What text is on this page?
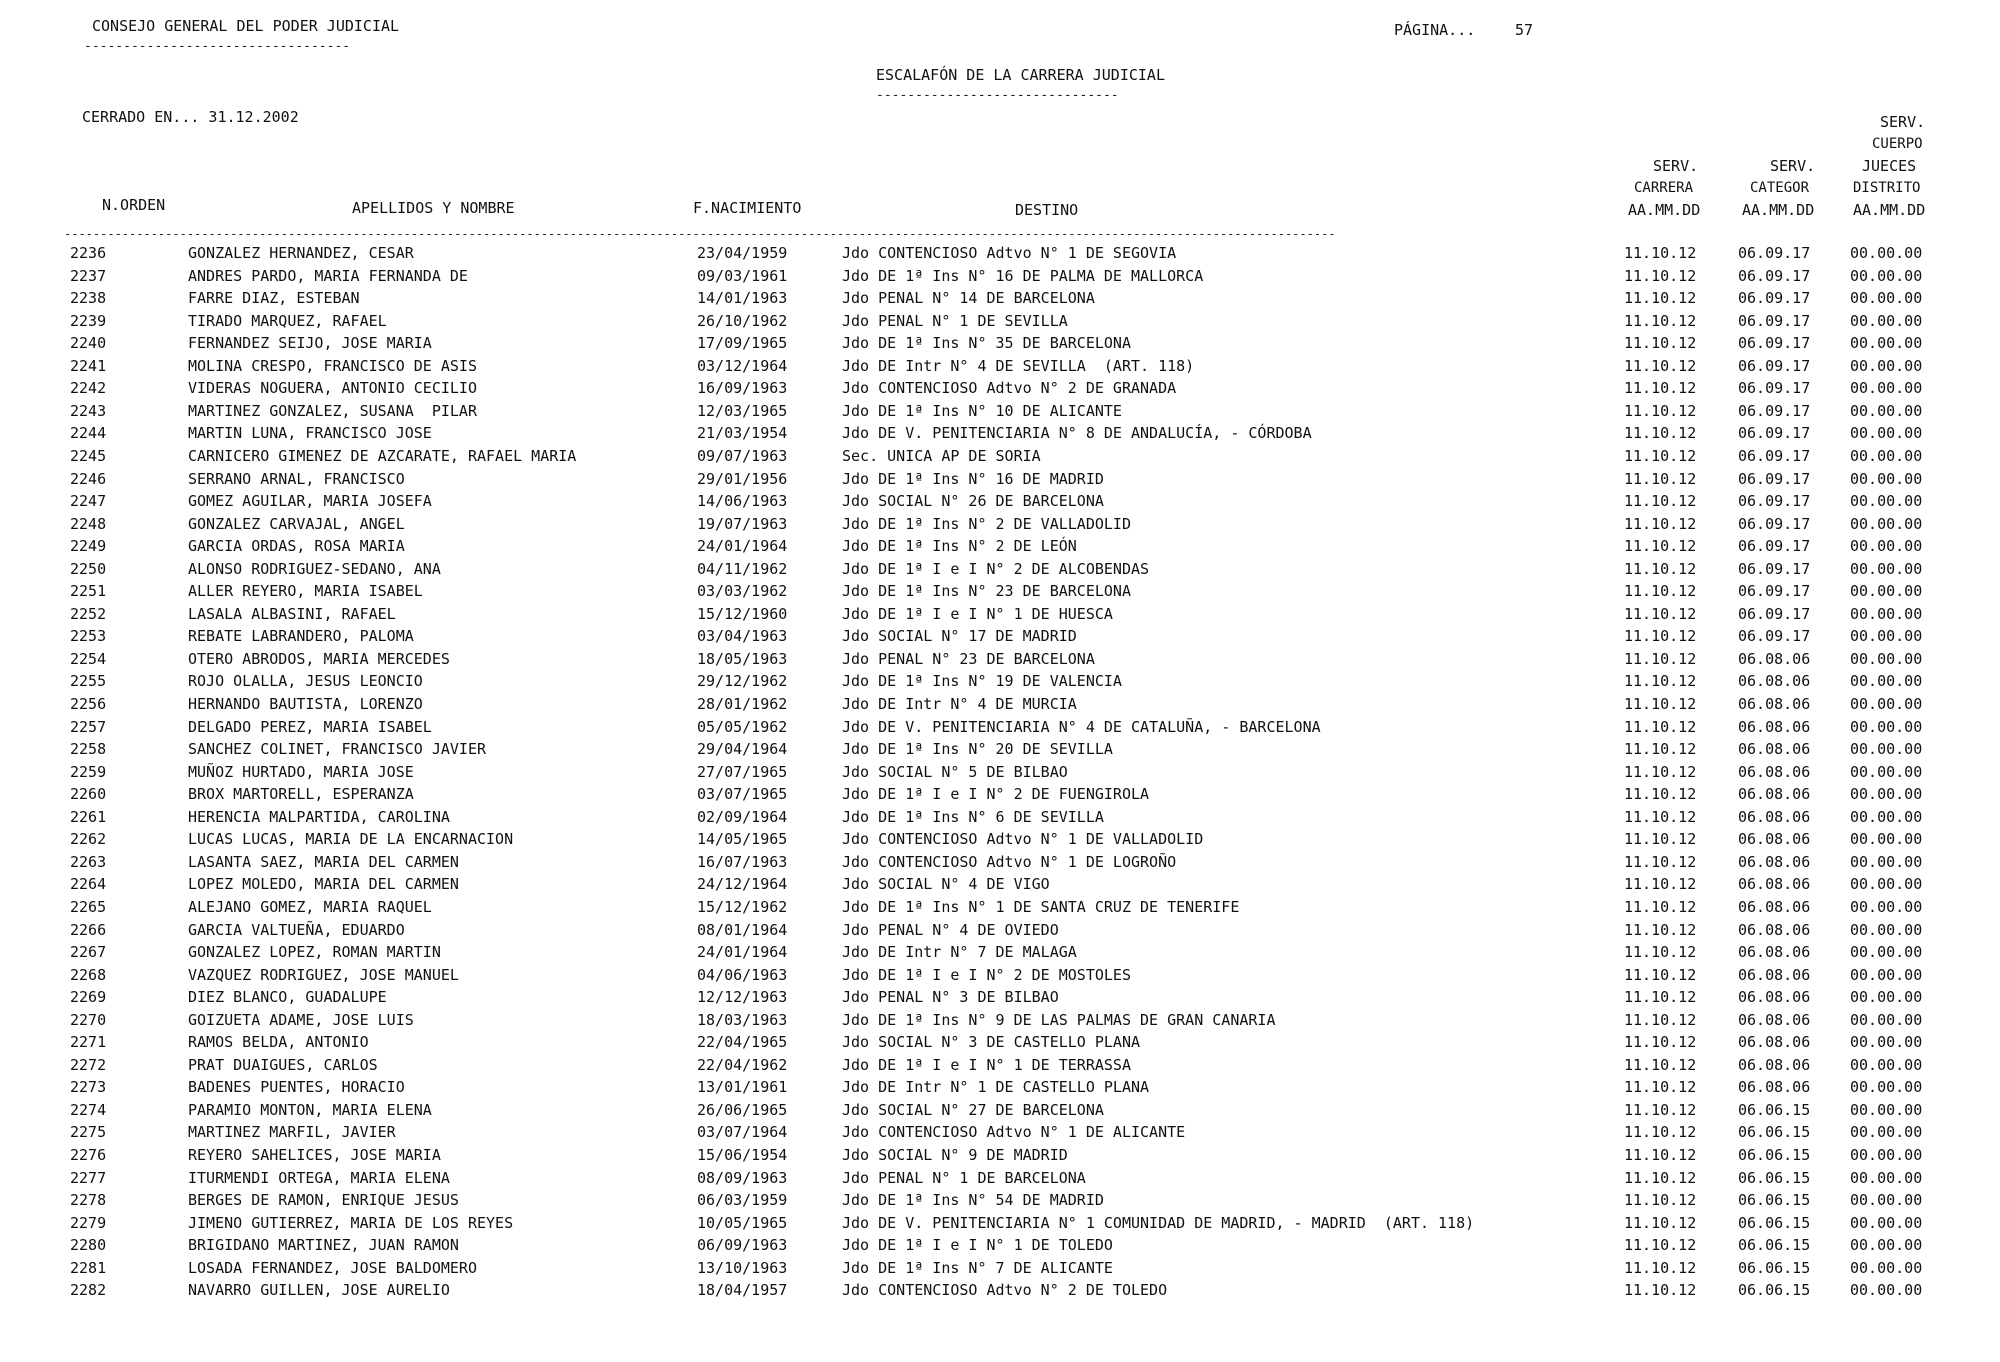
CONSEJO GENERAL DEL PODER JUDICIAL
----------------------------------
PÁGINA...	57
ESCALAFÓN DE LA CARRERA JUDICIAL
-------------------------------
CERRADO EN... 31.12.2002
N.ORDEN	APELLIDOS Y NOMBRE	F.NACIMIENTO	DESTINO
SERV.
CARRERA
AA.MM.DD
SERV.
CATEGOR
AA.MM.DD
SERV.
CUERPO
JUECES
DISTRITO
AA.MM.DD
--------------------------------------------------------------------------------------------------------------------------------------------------------------------------------
2236	GONZALEZ HERNANDEZ, CESAR	23/04/1959	Jdo CONTENCIOSO Adtvo N° 1 DE SEGOVIA	11.10.12	06.09.17	00.00.00
2237	ANDRES PARDO, MARIA FERNANDA DE	09/03/1961	Jdo DE 1ª Ins N° 16 DE PALMA DE MALLORCA	11.10.12	06.09.17	00.00.00
2238	FARRE DIAZ, ESTEBAN	14/01/1963	Jdo PENAL N° 14 DE BARCELONA	11.10.12	06.09.17	00.00.00
2239	TIRADO MARQUEZ, RAFAEL	26/10/1962	Jdo PENAL N° 1 DE SEVILLA	11.10.12	06.09.17	00.00.00
2240	FERNANDEZ SEIJO, JOSE MARIA	17/09/1965	Jdo DE 1ª Ins N° 35 DE BARCELONA	11.10.12	06.09.17	00.00.00
2241	MOLINA CRESPO, FRANCISCO DE ASIS	03/12/1964	Jdo DE Intr N° 4 DE SEVILLA  (ART. 118)	11.10.12	06.09.17	00.00.00
2242	VIDERAS NOGUERA, ANTONIO CECILIO	16/09/1963	Jdo CONTENCIOSO Adtvo N° 2 DE GRANADA	11.10.12	06.09.17	00.00.00
2243	MARTINEZ GONZALEZ, SUSANA  PILAR	12/03/1965	Jdo DE 1ª Ins N° 10 DE ALICANTE	11.10.12	06.09.17	00.00.00
2244	MARTIN LUNA, FRANCISCO JOSE	21/03/1954	Jdo DE V. PENITENCIARIA N° 8 DE ANDALUCÍA, - CÓRDOBA	11.10.12	06.09.17	00.00.00
2245	CARNICERO GIMENEZ DE AZCARATE, RAFAEL MARIA	09/07/1963	Sec. UNICA AP DE SORIA	11.10.12	06.09.17	00.00.00
2246	SERRANO ARNAL, FRANCISCO	29/01/1956	Jdo DE 1ª Ins N° 16 DE MADRID	11.10.12	06.09.17	00.00.00
2247	GOMEZ AGUILAR, MARIA JOSEFA	14/06/1963	Jdo SOCIAL N° 26 DE BARCELONA	11.10.12	06.09.17	00.00.00
2248	GONZALEZ CARVAJAL, ANGEL	19/07/1963	Jdo DE 1ª Ins N° 2 DE VALLADOLID	11.10.12	06.09.17	00.00.00
2249	GARCIA ORDAS, ROSA MARIA	24/01/1964	Jdo DE 1ª Ins N° 2 DE LEÓN	11.10.12	06.09.17	00.00.00
2250	ALONSO RODRIGUEZ-SEDANO, ANA	04/11/1962	Jdo DE 1ª I e I N° 2 DE ALCOBENDAS	11.10.12	06.09.17	00.00.00
2251	ALLER REYERO, MARIA ISABEL	03/03/1962	Jdo DE 1ª Ins N° 23 DE BARCELONA	11.10.12	06.09.17	00.00.00
2252	LASALA ALBASINI, RAFAEL	15/12/1960	Jdo DE 1ª I e I N° 1 DE HUESCA	11.10.12	06.09.17	00.00.00
2253	REBATE LABRANDERO, PALOMA	03/04/1963	Jdo SOCIAL N° 17 DE MADRID	11.10.12	06.09.17	00.00.00
2254	OTERO ABRODOS, MARIA MERCEDES	18/05/1963	Jdo PENAL N° 23 DE BARCELONA	11.10.12	06.08.06	00.00.00
2255	ROJO OLALLA, JESUS LEONCIO	29/12/1962	Jdo DE 1ª Ins N° 19 DE VALENCIA	11.10.12	06.08.06	00.00.00
2256	HERNANDO BAUTISTA, LORENZO	28/01/1962	Jdo DE Intr N° 4 DE MURCIA	11.10.12	06.08.06	00.00.00
2257	DELGADO PEREZ, MARIA ISABEL	05/05/1962	Jdo DE V. PENITENCIARIA N° 4 DE CATALUÑA, - BARCELONA	11.10.12	06.08.06	00.00.00
2258	SANCHEZ COLINET, FRANCISCO JAVIER	29/04/1964	Jdo DE 1ª Ins N° 20 DE SEVILLA	11.10.12	06.08.06	00.00.00
2259	MUÑOZ HURTADO, MARIA JOSE	27/07/1965	Jdo SOCIAL N° 5 DE BILBAO	11.10.12	06.08.06	00.00.00
2260	BROX MARTORELL, ESPERANZA	03/07/1965	Jdo DE 1ª I e I N° 2 DE FUENGIROLA	11.10.12	06.08.06	00.00.00
2261	HERENCIA MALPARTIDA, CAROLINA	02/09/1964	Jdo DE 1ª Ins N° 6 DE SEVILLA	11.10.12	06.08.06	00.00.00
2262	LUCAS LUCAS, MARIA DE LA ENCARNACION	14/05/1965	Jdo CONTENCIOSO Adtvo N° 1 DE VALLADOLID	11.10.12	06.08.06	00.00.00
2263	LASANTA SAEZ, MARIA DEL CARMEN	16/07/1963	Jdo CONTENCIOSO Adtvo N° 1 DE LOGROÑO	11.10.12	06.08.06	00.00.00
2264	LOPEZ MOLEDO, MARIA DEL CARMEN	24/12/1964	Jdo SOCIAL N° 4 DE VIGO	11.10.12	06.08.06	00.00.00
2265	ALEJANO GOMEZ, MARIA RAQUEL	15/12/1962	Jdo DE 1ª Ins N° 1 DE SANTA CRUZ DE TENERIFE	11.10.12	06.08.06	00.00.00
2266	GARCIA VALTUEÑA, EDUARDO	08/01/1964	Jdo PENAL N° 4 DE OVIEDO	11.10.12	06.08.06	00.00.00
2267	GONZALEZ LOPEZ, ROMAN MARTIN	24/01/1964	Jdo DE Intr N° 7 DE MALAGA	11.10.12	06.08.06	00.00.00
2268	VAZQUEZ RODRIGUEZ, JOSE MANUEL	04/06/1963	Jdo DE 1ª I e I N° 2 DE MOSTOLES	11.10.12	06.08.06	00.00.00
2269	DIEZ BLANCO, GUADALUPE	12/12/1963	Jdo PENAL N° 3 DE BILBAO	11.10.12	06.08.06	00.00.00
2270	GOIZUETA ADAME, JOSE LUIS	18/03/1963	Jdo DE 1ª Ins N° 9 DE LAS PALMAS DE GRAN CANARIA	11.10.12	06.08.06	00.00.00
2271	RAMOS BELDA, ANTONIO	22/04/1965	Jdo SOCIAL N° 3 DE CASTELLO PLANA	11.10.12	06.08.06	00.00.00
2272	PRAT DUAIGUES, CARLOS	22/04/1962	Jdo DE 1ª I e I N° 1 DE TERRASSA	11.10.12	06.08.06	00.00.00
2273	BADENES PUENTES, HORACIO	13/01/1961	Jdo DE Intr N° 1 DE CASTELLO PLANA	11.10.12	06.08.06	00.00.00
2274	PARAMIO MONTON, MARIA ELENA	26/06/1965	Jdo SOCIAL N° 27 DE BARCELONA	11.10.12	06.06.15	00.00.00
2275	MARTINEZ MARFIL, JAVIER	03/07/1964	Jdo CONTENCIOSO Adtvo N° 1 DE ALICANTE	11.10.12	06.06.15	00.00.00
2276	REYERO SAHELICES, JOSE MARIA	15/06/1954	Jdo SOCIAL N° 9 DE MADRID	11.10.12	06.06.15	00.00.00
2277	ITURMENDI ORTEGA, MARIA ELENA	08/09/1963	Jdo PENAL N° 1 DE BARCELONA	11.10.12	06.06.15	00.00.00
2278	BERGES DE RAMON, ENRIQUE JESUS	06/03/1959	Jdo DE 1ª Ins N° 54 DE MADRID	11.10.12	06.06.15	00.00.00
2279	JIMENO GUTIERREZ, MARIA DE LOS REYES	10/05/1965	Jdo DE V. PENITENCIARIA N° 1 COMUNIDAD DE MADRID, - MADRID  (ART. 118)	11.10.12	06.06.15	00.00.00
2280	BRIGIDANO MARTINEZ, JUAN RAMON	06/09/1963	Jdo DE 1ª I e I N° 1 DE TOLEDO	11.10.12	06.06.15	00.00.00
2281	LOSADA FERNANDEZ, JOSE BALDOMERO	13/10/1963	Jdo DE 1ª Ins N° 7 DE ALICANTE	11.10.12	06.06.15	00.00.00
2282	NAVARRO GUILLEN, JOSE AURELIO	18/04/1957	Jdo CONTENCIOSO Adtvo N° 2 DE TOLEDO	11.10.12	06.06.15	00.00.00
